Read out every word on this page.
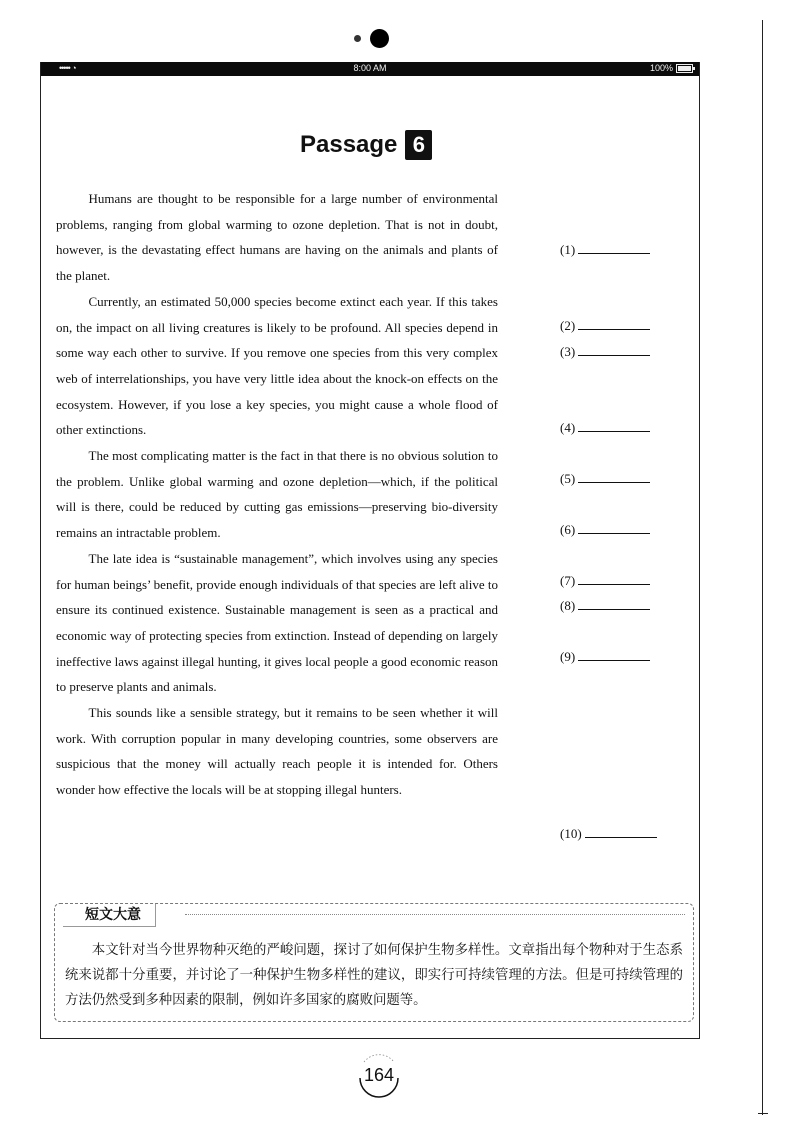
••••• ◔	8:00 AM	100%
Passage 6

Humans are thought to be responsible for a large number of environmental problems, ranging from global warming to ozone depletion. That is not in doubt, however, is the devastating effect humans are having on the animals and plants of the planet.

Currently, an estimated 50,000 species become extinct each year. If this takes on, the impact on all living creatures is likely to be profound. All species depend in some way each other to survive. If you remove one species from this very complex web of interrelationships, you have very little idea about the knock-on effects on the ecosystem. However, if you lose a key species, you might cause a whole flood of other extinctions.

The most complicating matter is the fact in that there is no obvious solution to the problem. Unlike global warming and ozone depletion—which, if the political will is there, could be reduced by cutting gas emissions—preserving bio-diversity remains an intractable problem.

The late idea is “sustainable management”, which involves using any species for human beings’ benefit, provide enough individuals of that species are left alive to ensure its continued existence. Sustainable management is seen as a practical and economic way of protecting species from extinction. Instead of depending on largely ineffective laws against illegal hunting, it gives local people a good economic reason to preserve plants and animals.

This sounds like a sensible strategy, but it remains to be seen whether it will work. With corruption popular in many developing countries, some observers are suspicious that the money will actually reach people it is intended for. Others wonder how effective the locals will be at stopping illegal hunters.

(1)
(2)
(3)
(4)
(5)
(6)
(7)
(8)
(9)
(10)
短文大意
本文针对当今世界物种灭绝的严峻问题，探讨了如何保护生物多样性。文章指出每个物种对于生态系统来说都十分重要，并讨论了一种保护生物多样性的建议，即实行可持续管理的方法。但是可持续管理的方法仍然受到多种因素的限制，例如许多国家的腐败问题等。
164
